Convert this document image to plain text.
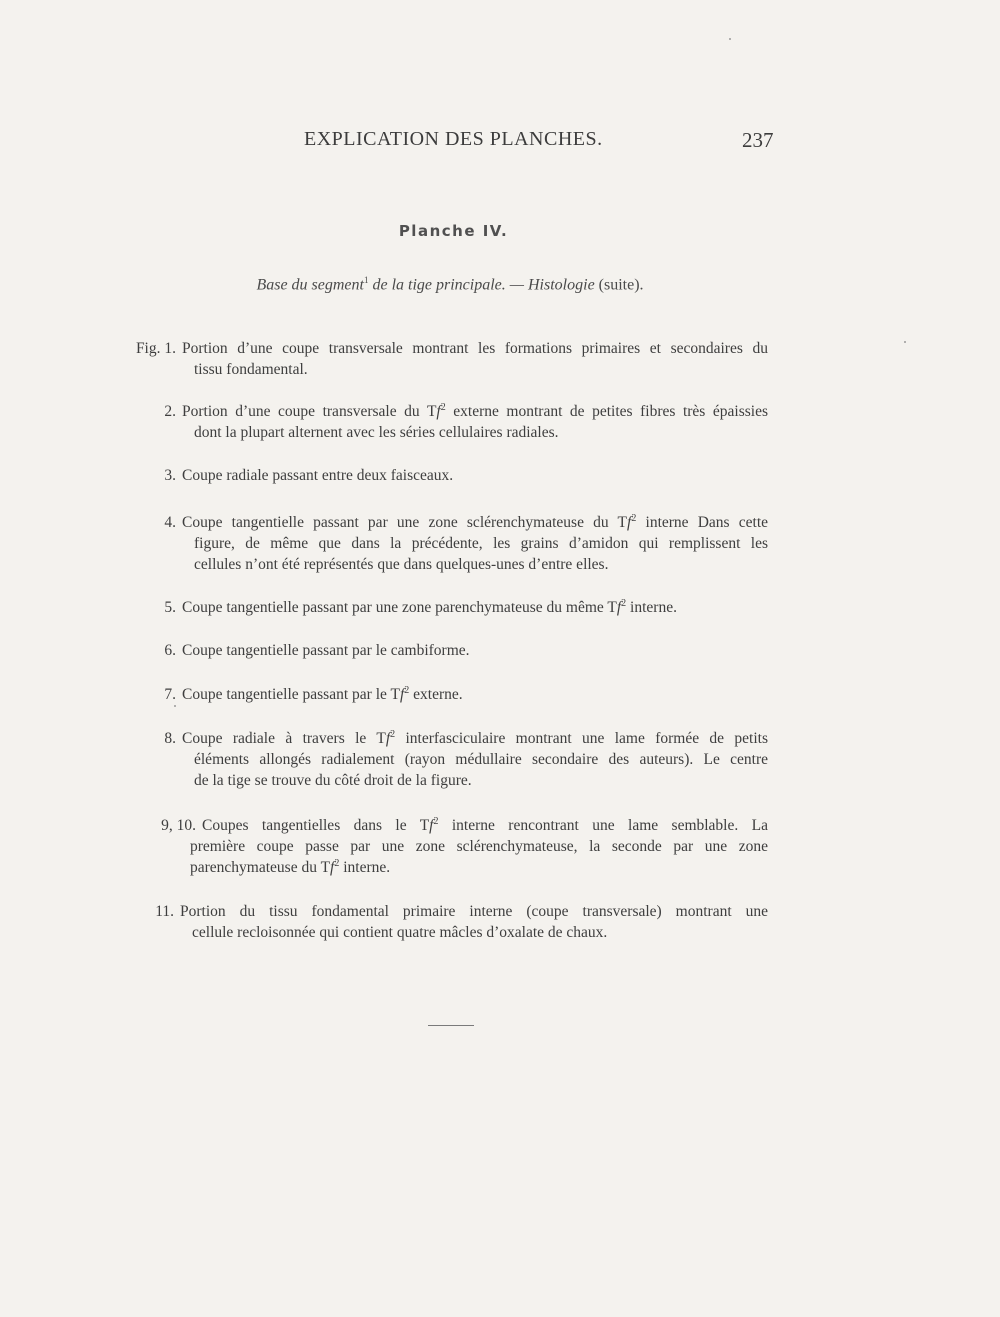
EXPLICATION DES PLANCHES.	237
Planche IV.
Base du segment$^1$ de la tige principale. — Histologie (suite).
Fig. 1. Portion d’une coupe transversale montrant les formations primaires et secondaires du
tissu fondamental.
2. Portion d’une coupe transversale du Tf$^2$ externe montrant de petites fibres très épaissies
dont la plupart alternent avec les séries cellulaires radiales.
3. Coupe radiale passant entre deux faisceaux.
4. Coupe tangentielle passant par une zone sclérenchymateuse du Tf$^2$ interne Dans cette
figure, de même que dans la précédente, les grains d’amidon qui remplissent les
cellules n’ont été représentés que dans quelques-unes d’entre elles.
5. Coupe tangentielle passant par une zone parenchymateuse du même Tf$^2$ interne.
6. Coupe tangentielle passant par le cambiforme.
7. Coupe tangentielle passant par le Tf$^2$ externe.
8. Coupe radiale à travers le Tf$^2$ interfasciculaire montrant une lame formée de petits
éléments allongés radialement (rayon médullaire secondaire des auteurs). Le centre
de la tige se trouve du côté droit de la figure.
9, 10. Coupes tangentielles dans le Tf$^2$ interne rencontrant une lame semblable. La
première coupe passe par une zone sclérenchymateuse, la seconde par une zone
parenchymateuse du Tf$^2$ interne.
11. Portion du tissu fondamental primaire interne (coupe transversale) montrant une
cellule recloisonnée qui contient quatre mâcles d’oxalate de chaux.
